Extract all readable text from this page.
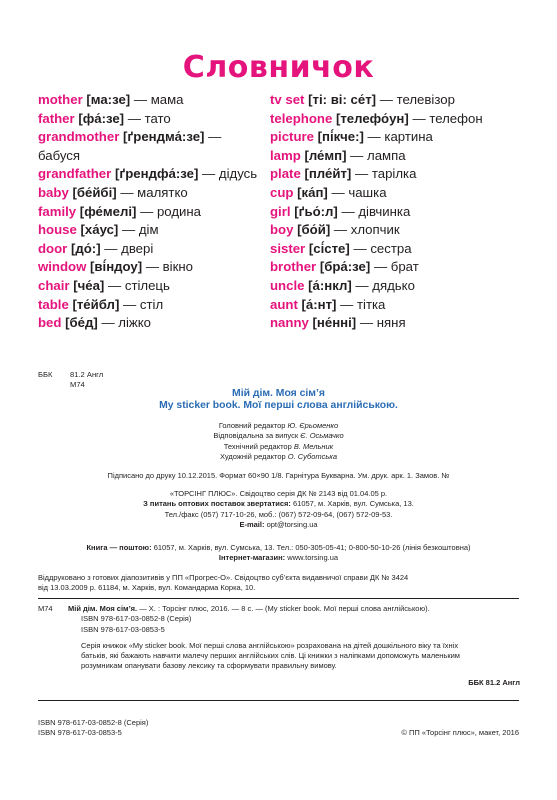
Словничок
mother [ма:зе] — мама
father [фа́:зе] — тато
grandmother [ґрендма́:зе] —
бабуся
grandfather [ґрендфа́:зе] — дідусь
baby [бе́йбі] — малятко
family [фе́мелі] — родина
house [ха́ус] — дім
door [до́:] — двері
window [ві́ндоу] — вікно
chair [че́а] — стілець
table [те́йбл] — стіл
bed [бе́д] — ліжко
tv set [ті: ві: се́т] — телевізор
telephone [телефо́ун] — телефон
picture [пі́кче:] — картина
lamp [ле́мп] — лампа
plate [пле́йт] — тарілка
cup [ка́п] — чашка
girl [ґьо́:л] — дівчинка
boy [бо́й] — хлопчик
sister [сі́сте] — сестра
brother [бра́:зе] — брат
uncle [а́:нкл] — дядько
aunt [а́:нт] — тітка
nanny [не́нні] — няня
ББК 81.2 Англ
М74
Мій дім. Моя сім’я
My sticker book. Мої перші слова англійською.
Головний редактор Ю. Єрьоменко
Відповідальна за випуск Є. Осьмачко
Технічний редактор В. Мельник
Художній редактор О. Суботська
Підписано до друку 10.12.2015. Формат 60×90 1/8. Гарнітура Букварна. Ум. друк. арк. 1. Замов. №
«ТОРСІНГ ПЛЮС». Свідоцтво серія ДК № 2143 від 01.04.05 р.
З питань оптових поставок звертатися: 61057, м. Харків, вул. Сумська, 13.
Тел./факс (057) 717-10-26, моб.: (067) 572-09-64, (067) 572-09-53.
E-mail: opt@torsing.ua
Книга — поштою: 61057, м. Харків, вул. Сумська, 13. Тел.: 050-305-05-41; 0-800-50-10-26 (лінія безкоштовна)
Інтернет-магазин: www.torsing.ua
Віддруковано з готових діапозитивів у ПП «Прогрес-О». Свідоцтво суб’єкта видавничої справи ДК № 3424
від 13.03.2009 р. 61184, м. Харків, вул. Командарма Корка, 10.
М74 Мій дім. Моя сім’я. — Х. : Торсінг плюс, 2016. — 8 с. — (My sticker book. Мої перші слова англійською).
ISBN 978-617-03-0852-8 (Серія)
ISBN 978-617-03-0853-5
Серія книжок «My sticker book. Мої перші слова англійською» розрахована на дітей дошкільного віку та їхніх
батьків, які бажають навчити малечу перших англійських слів. Ці книжки з наліпками допоможуть маленьким
розумникам опанувати базову лексику та сформувати правильну вимову.
ББК 81.2 Англ
ISBN 978-617-03-0852-8 (Серія)
ISBN 978-617-03-0853-5	© ПП «Торсінг плюс», макет, 2016
